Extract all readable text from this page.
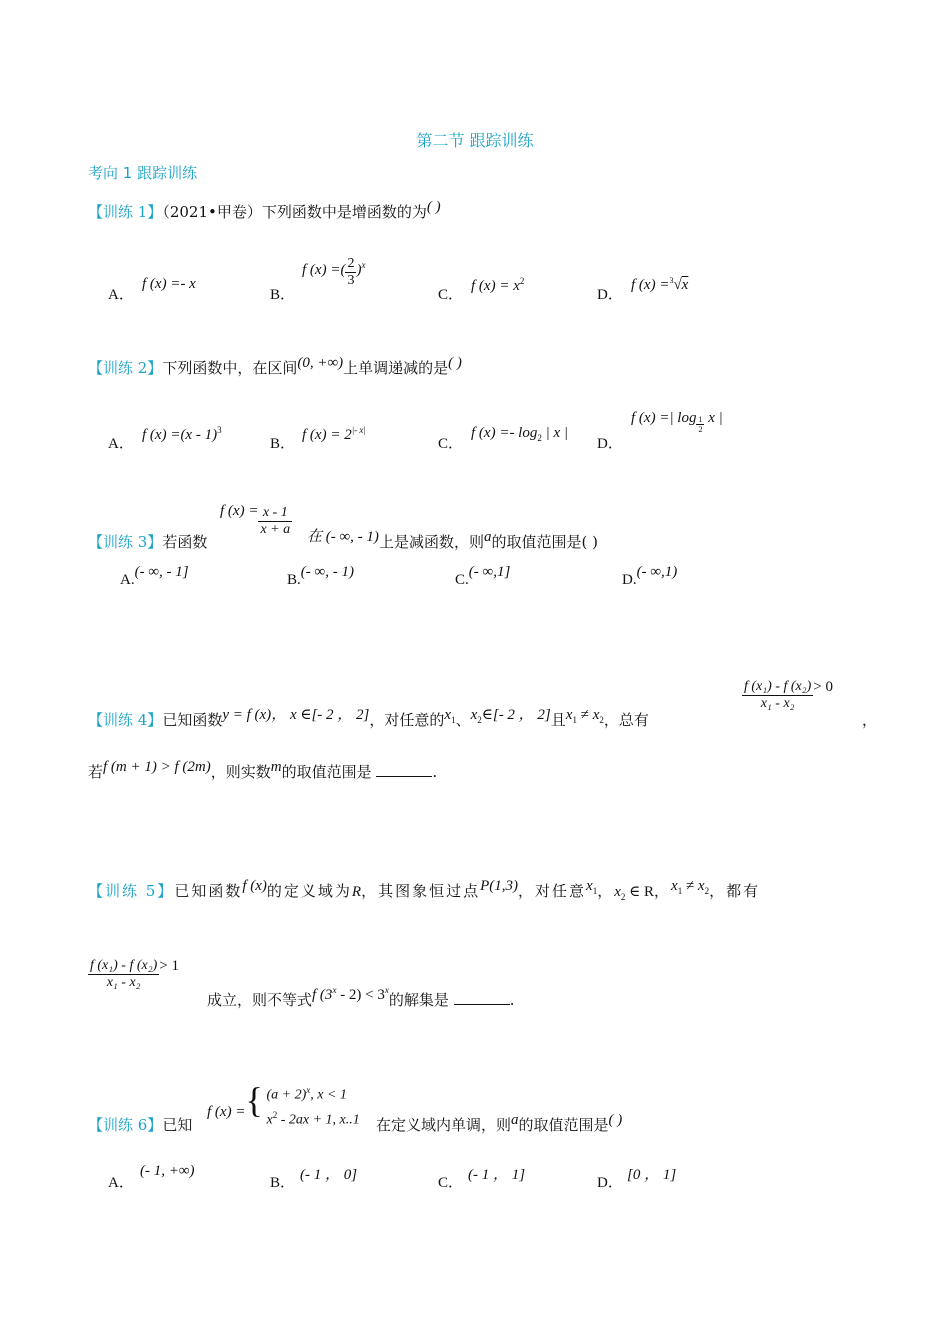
第二节 跟踪训练
考向 1 跟踪训练
【训练 1】（2021•甲卷）下列函数中是增函数的为( )
A．
f (x) =- x
B．
f (x) =( $\frac{2}{3} )^x$
C．
f $(x) = x^2$
D．
f (x) =$^3$√x
【训练 2】下列函数中，在区间(0, +∞)上单调递减的是( )
A．
f (x) =(x - 1)$^3$
B．
f $(x) = 2^{|- x|}$
C．
f $(x) =- \log_2$ | x |
D．
f (x) =| $\log \frac{1}{2}$ x |
【训练 3】若函数
f $(x) = \frac{x - 1}{x + a}$ 在 (- ∞, - 1)上是减函数，则a的取值范围是( )
A.(- ∞, - 1]	B.(- ∞, - 1)	C.(- ∞,1]	D.(- ∞,1)
【训练 4】已知函数y = f (x)， x ∈[- 2 ， 2]，对任意的$x_1$、$x_2\in[-$ 2 ， 2]且$x_1 \ne x_2$，总有
$\frac{\text{f (x₁) - f (x₂)}}{\text{x₁ - x₂}} > 0$
，
若f (m + 1) > f (2m)，则实数m的取值范围是	.
【训练 5】已知函数f (x)的定义域为R，其图象恒过点P(1,3)，对任意$x_1$，$x_2$ ∈ R，$x_1 \ne x_2$，都有
$\frac{\text{f (x₁) - f (x₂)}}{\text{x₁ - x₂}} > 1$
成立，则不等式f $(3^x - 2) < 3^x$的解集是	.
【训练 6】已知
f (x) ={ $(a + 2)^x$, x < 1
$x^2 - 2ax + 1$, x..1 在定义域内单调，则a的取值范围是( )
A．
(- 1, +∞)
B． (- 1 ， 0]	C． (- 1 ， 1]	D． [0 ， 1]
